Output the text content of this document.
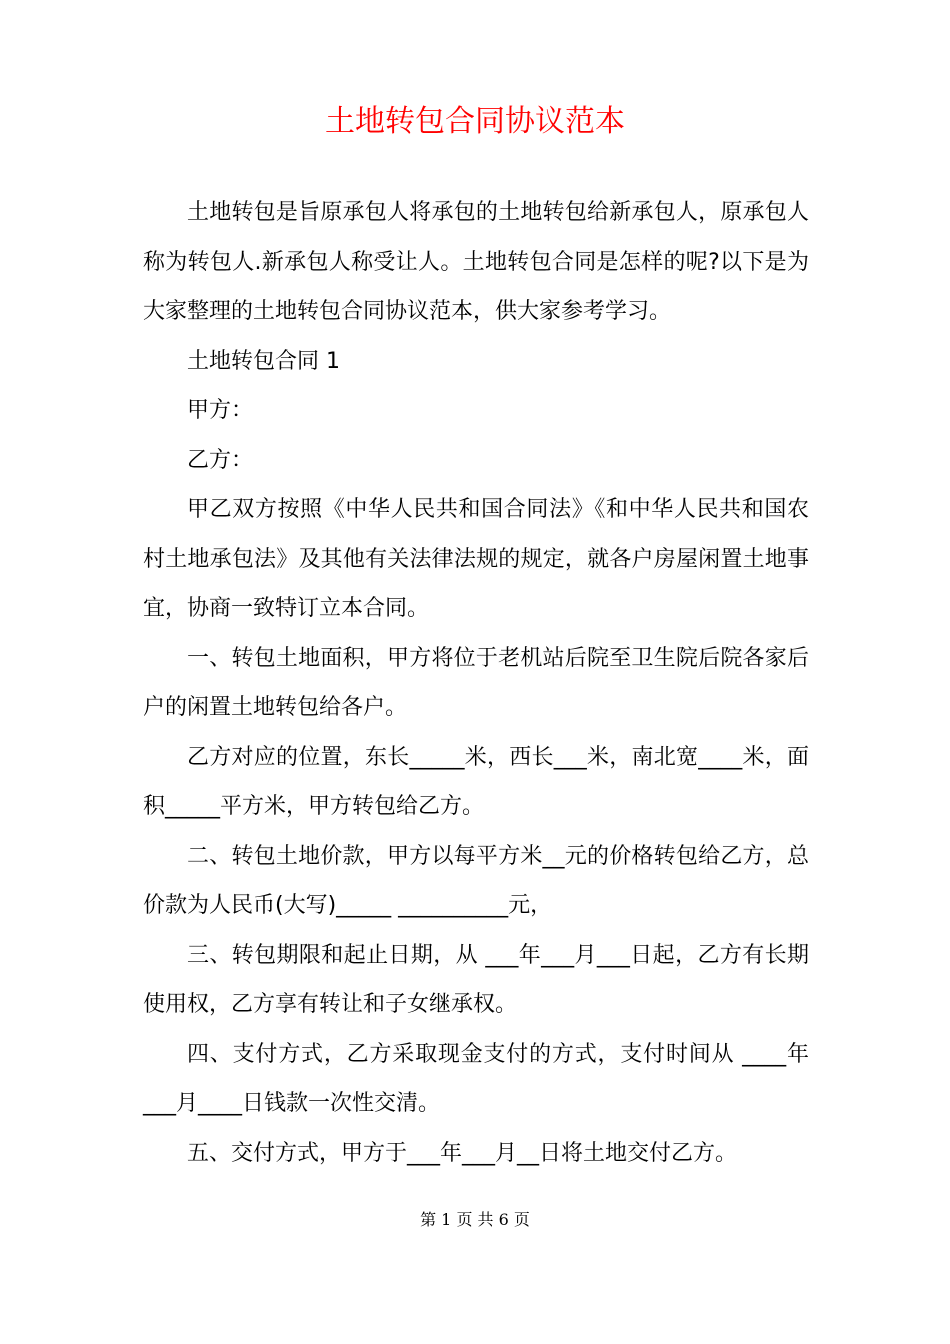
土地转包合同协议范本

土地转包是旨原承包人将承包的土地转包给新承包人，原承包人称为转包人.新承包人称受让人。土地转包合同是怎样的呢?以下是为大家整理的土地转包合同协议范本，供大家参考学习。

土地转包合同 1

甲方：

乙方：

甲乙双方按照《中华人民共和国合同法》《和中华人民共和国农村土地承包法》及其他有关法律法规的规定，就各户房屋闲置土地事宜，协商一致特订立本合同。

一、转包土地面积，甲方将位于老机站后院至卫生院后院各家后户的闲置土地转包给各户。

乙方对应的位置，东长_____米，西长___米，南北宽____米，面积_____平方米，甲方转包给乙方。

二、转包土地价款，甲方以每平方米__元的价格转包给乙方，总价款为人民币(大写)_____ __________元，

三、转包期限和起止日期，从 ___年___月___日起，乙方有长期使用权，乙方享有转让和子女继承权。

四、支付方式，乙方采取现金支付的方式，支付时间从 ____年___月____日钱款一次性交清。

五、交付方式，甲方于___年___月__日将土地交付乙方。

第 1 页 共 6 页
